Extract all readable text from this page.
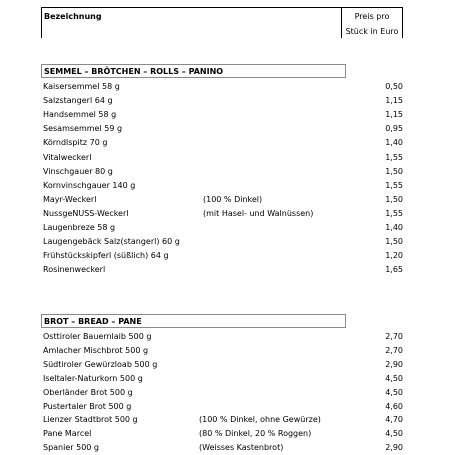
Bezeichnung	Preis pro
Stück in Euro
SEMMEL – BRÖTCHEN – ROLLS – PANINO
Kaisersemmel 58 g	0,50
Salzstangerl 64 g	1,15
Handsemmel 58 g	1,15
Sesamsemmel 59 g	0,95
Körndlspitz 70 g	1,40
Vitalweckerl	1,55
Vinschgauer 80 g	1,50
Kornvinschgauer 140 g	1,55
Mayr-Weckerl	(100 % Dinkel)	1,50
NussgeNUSS-Weckerl	(mit Hasel- und Walnüssen)	1,55
Laugenbreze 58 g	1,40
Laugengebäck Salz(stangerl) 60 g	1,50
Frühstückskipferl (süßlich) 64 g	1,20
Rosinenweckerl	1,65
BROT – BREAD – PANE
Osttiroler Bauernlaib 500 g	2,70
Amlacher Mischbrot 500 g	2,70
Südtiroler Gewürzloab 500 g	2,90
Iseltaler-Naturkorn 500 g	4,50
Oberländer Brot 500 g	4,50
Pustertaler Brot 500 g	4,60
Lienzer Stadtbrot 500 g	(100 % Dinkel, ohne Gewürze)	4,70
Pane Marcel	(80 % Dinkel, 20 % Roggen)	4,50
Spanier 500 g	(Weisses Kastenbrot)	2,90
